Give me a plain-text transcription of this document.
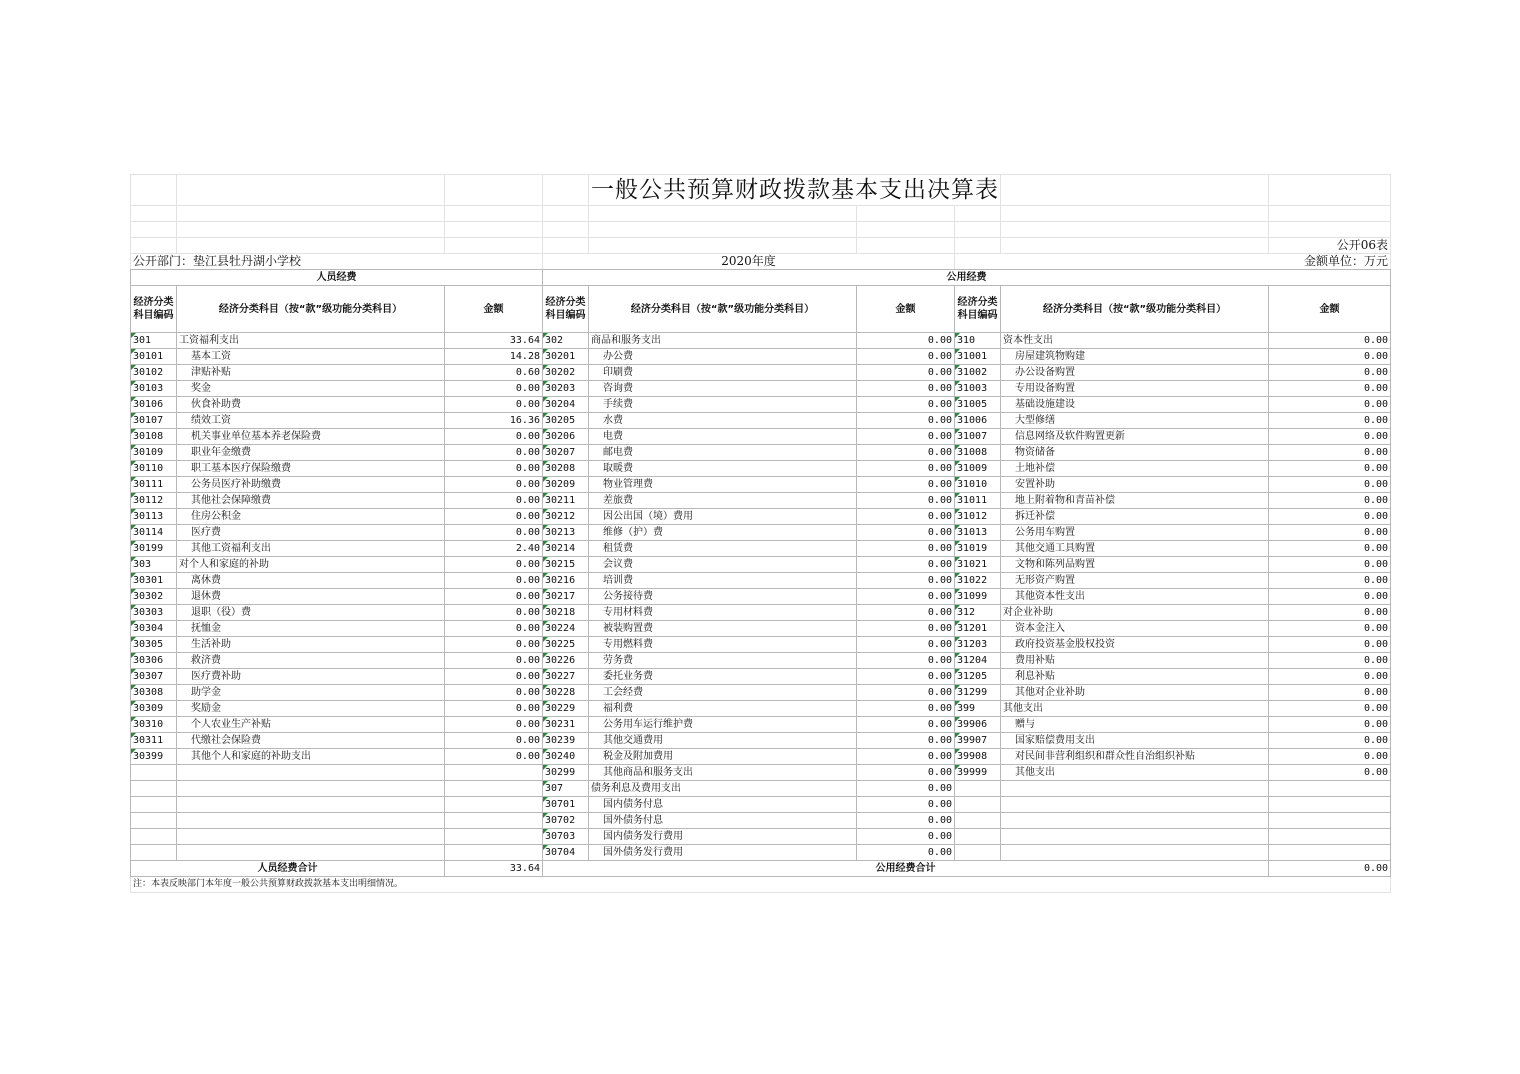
				一般公共预算财政拨款基本支出决算表				

								公开06表
公开部门：垫江县牡丹湖小学校			2020年度			金额单位：万元		
人员经费			公用经费					
经济分类科目编码	经济分类科目（按“款”级功能分类科目）	金额	经济分类科目编码	经济分类科目（按“款”级功能分类科目）	金额	经济分类科目编码	经济分类科目（按“款”级功能分类科目）	金额
301	工资福利支出	33.64	302	商品和服务支出	0.00	310	资本性支出	0.00
30101	基本工资	14.28	30201	办公费	0.00	31001	房屋建筑物购建	0.00
30102	津贴补贴	0.60	30202	印刷费	0.00	31002	办公设备购置	0.00
30103	奖金	0.00	30203	咨询费	0.00	31003	专用设备购置	0.00
30106	伙食补助费	0.00	30204	手续费	0.00	31005	基础设施建设	0.00
30107	绩效工资	16.36	30205	水费	0.00	31006	大型修缮	0.00
30108	机关事业单位基本养老保险费	0.00	30206	电费	0.00	31007	信息网络及软件购置更新	0.00
30109	职业年金缴费	0.00	30207	邮电费	0.00	31008	物资储备	0.00
30110	职工基本医疗保险缴费	0.00	30208	取暖费	0.00	31009	土地补偿	0.00
30111	公务员医疗补助缴费	0.00	30209	物业管理费	0.00	31010	安置补助	0.00
30112	其他社会保障缴费	0.00	30211	差旅费	0.00	31011	地上附着物和青苗补偿	0.00
30113	住房公积金	0.00	30212	因公出国（境）费用	0.00	31012	拆迁补偿	0.00
30114	医疗费	0.00	30213	维修（护）费	0.00	31013	公务用车购置	0.00
30199	其他工资福利支出	2.40	30214	租赁费	0.00	31019	其他交通工具购置	0.00
303	对个人和家庭的补助	0.00	30215	会议费	0.00	31021	文物和陈列品购置	0.00
30301	离休费	0.00	30216	培训费	0.00	31022	无形资产购置	0.00
30302	退休费	0.00	30217	公务接待费	0.00	31099	其他资本性支出	0.00
30303	退职（役）费	0.00	30218	专用材料费	0.00	312	对企业补助	0.00
30304	抚恤金	0.00	30224	被装购置费	0.00	31201	资本金注入	0.00
30305	生活补助	0.00	30225	专用燃料费	0.00	31203	政府投资基金股权投资	0.00
30306	救济费	0.00	30226	劳务费	0.00	31204	费用补贴	0.00
30307	医疗费补助	0.00	30227	委托业务费	0.00	31205	利息补贴	0.00
30308	助学金	0.00	30228	工会经费	0.00	31299	其他对企业补助	0.00
30309	奖励金	0.00	30229	福利费	0.00	399	其他支出	0.00
30310	个人农业生产补贴	0.00	30231	公务用车运行维护费	0.00	39906	赠与	0.00
30311	代缴社会保险费	0.00	30239	其他交通费用	0.00	39907	国家赔偿费用支出	0.00
30399	其他个人和家庭的补助支出	0.00	30240	税金及附加费用	0.00	39908	对民间非营利组织和群众性自治组织补贴	0.00
			30299	其他商品和服务支出	0.00	39999	其他支出	0.00
			307	债务利息及费用支出	0.00			
			30701	国内债务付息	0.00			
			30702	国外债务付息	0.00			
			30703	国内债务发行费用	0.00			
			30704	国外债务发行费用	0.00			
人员经费合计		33.64	公用经费合计					0.00
注：本表反映部门本年度一般公共预算财政拨款基本支出明细情况。								
